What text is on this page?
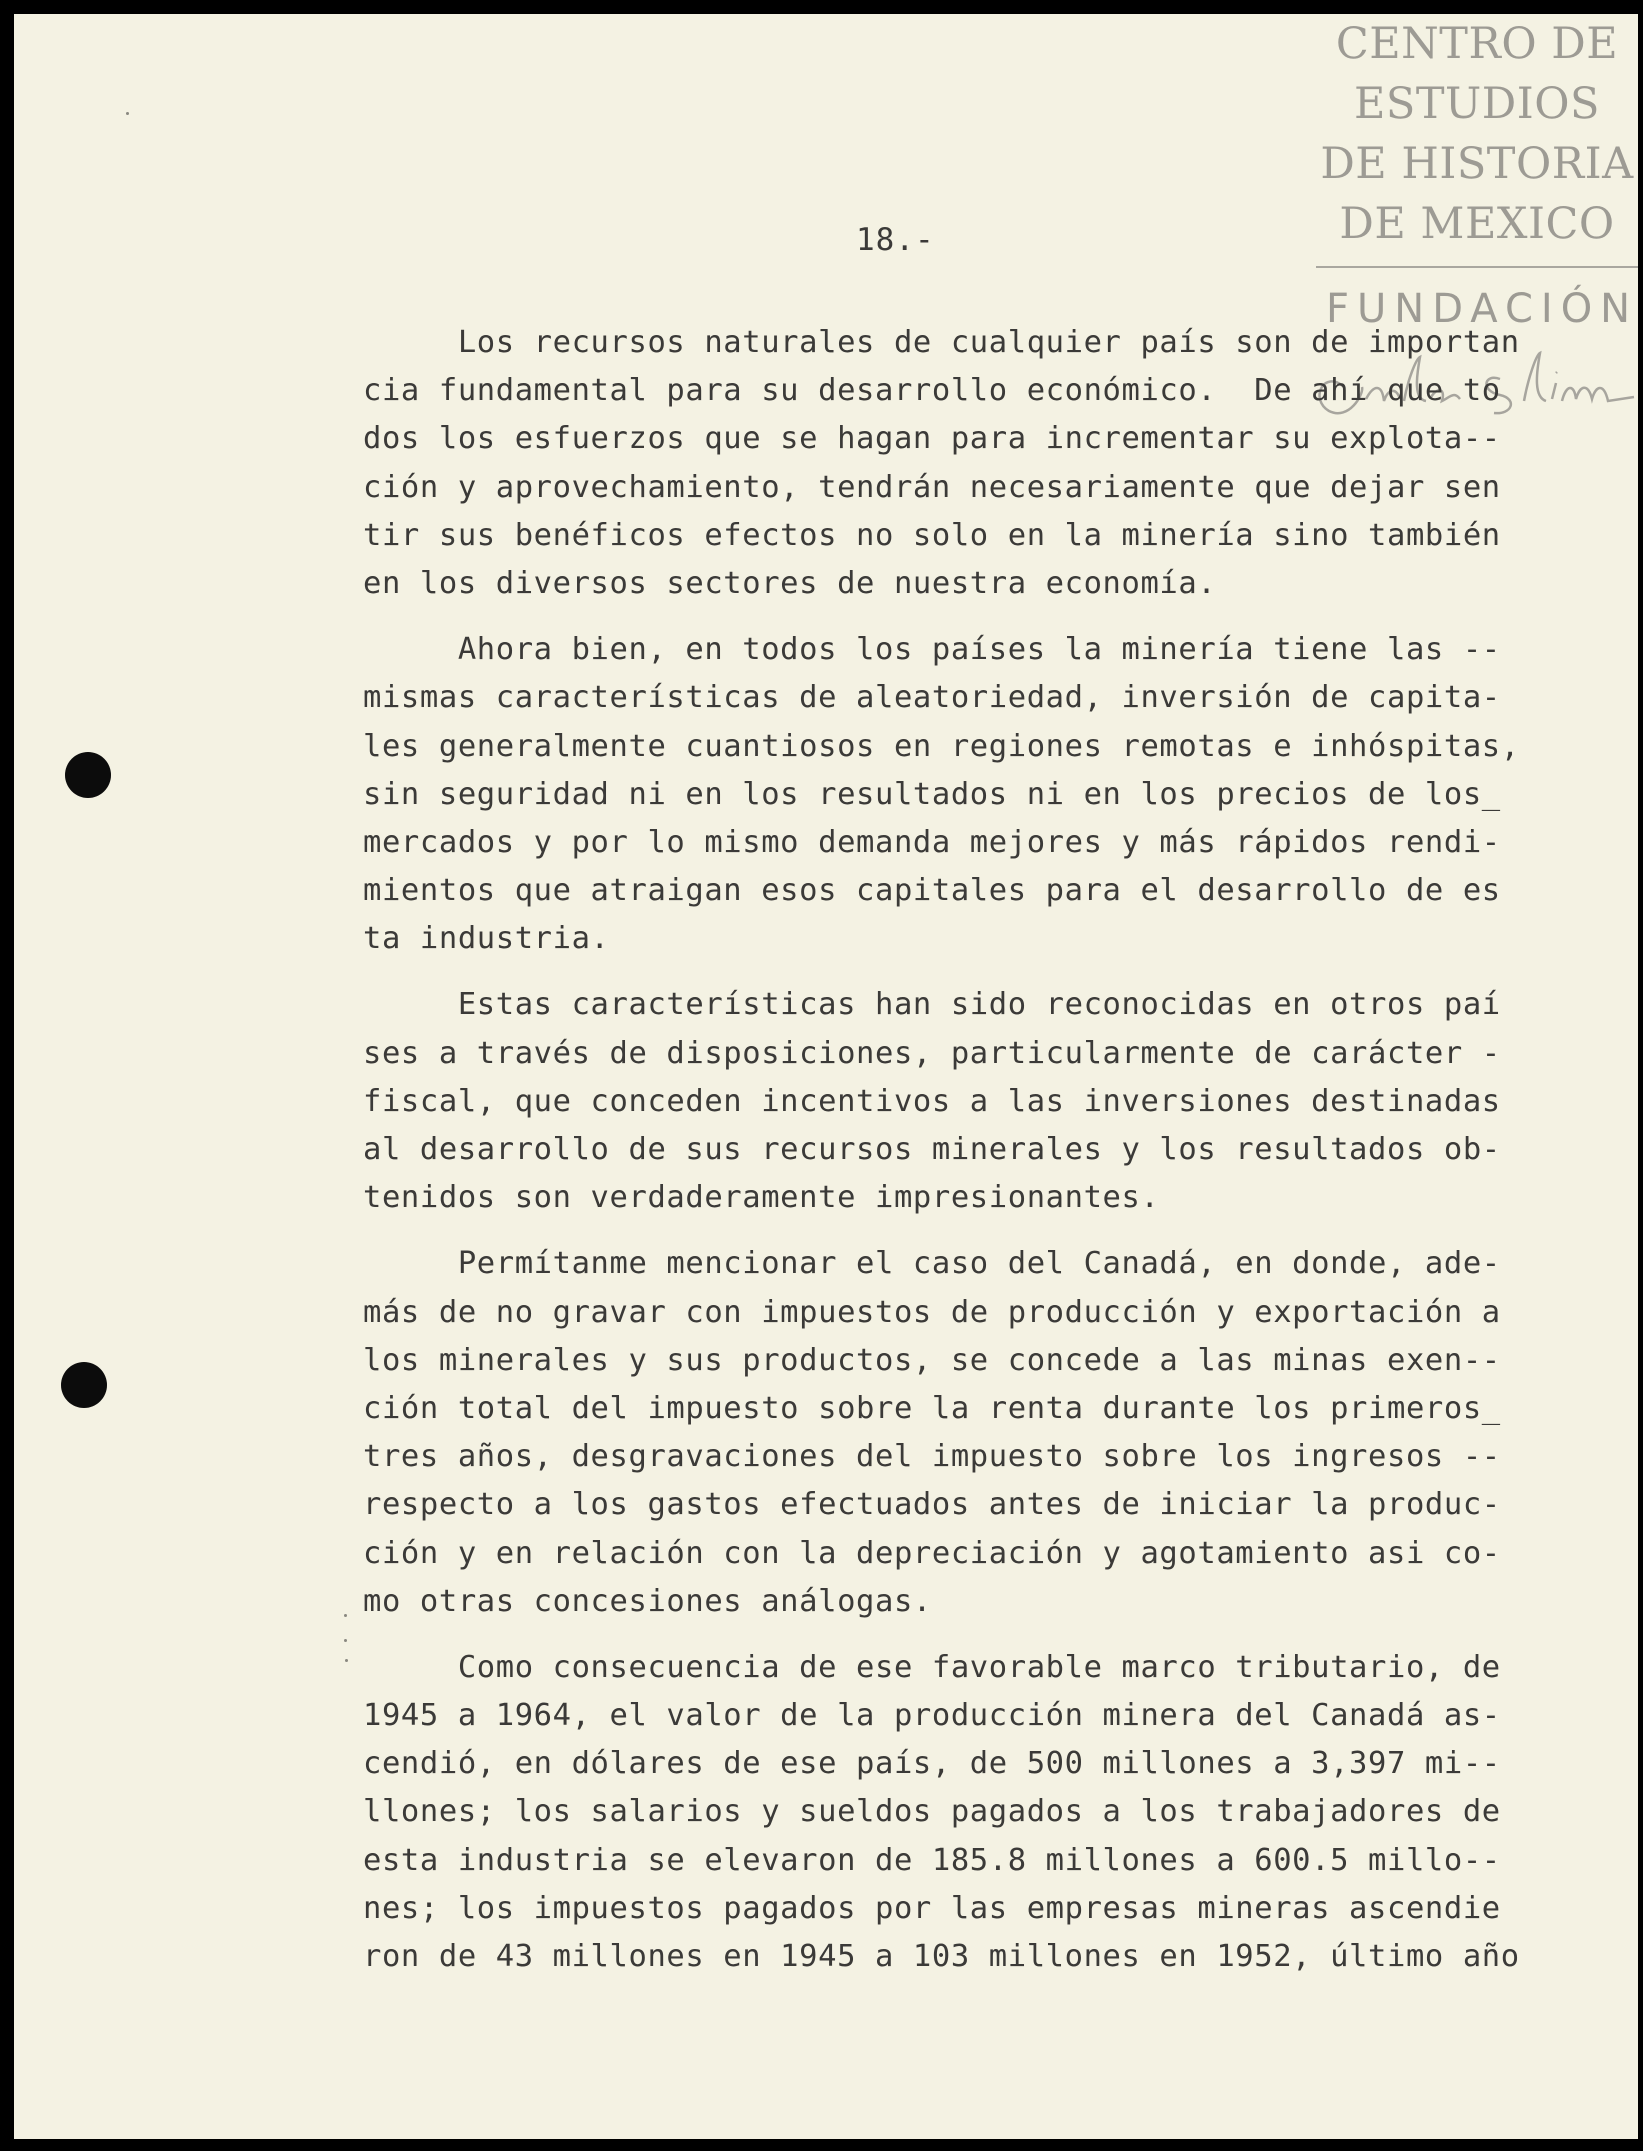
CENTRO DE
ESTUDIOS
DE HISTORIA
DE MEXICO
FUNDACIÓN
18.-
Los recursos naturales de cualquier país son de importan
cia fundamental para su desarrollo económico.  De ahí que to
dos los esfuerzos que se hagan para incrementar su explota--
ción y aprovechamiento, tendrán necesariamente que dejar sen
tir sus benéficos efectos no solo en la minería sino también
en los diversos sectores de nuestra economía.
Ahora bien, en todos los países la minería tiene las --
mismas características de aleatoriedad, inversión de capita-
les generalmente cuantiosos en regiones remotas e inhóspitas,
sin seguridad ni en los resultados ni en los precios de los_
mercados y por lo mismo demanda mejores y más rápidos rendi-
mientos que atraigan esos capitales para el desarrollo de es
ta industria.
Estas características han sido reconocidas en otros paí
ses a través de disposiciones, particularmente de carácter -
fiscal, que conceden incentivos a las inversiones destinadas
al desarrollo de sus recursos minerales y los resultados ob-
tenidos son verdaderamente impresionantes.
Permítanme mencionar el caso del Canadá, en donde, ade-
más de no gravar con impuestos de producción y exportación a
los minerales y sus productos, se concede a las minas exen--
ción total del impuesto sobre la renta durante los primeros_
tres años, desgravaciones del impuesto sobre los ingresos --
respecto a los gastos efectuados antes de iniciar la produc-
ción y en relación con la depreciación y agotamiento asi co-
mo otras concesiones análogas.
Como consecuencia de ese favorable marco tributario, de
1945 a 1964, el valor de la producción minera del Canadá as-
cendió, en dólares de ese país, de 500 millones a 3,397 mi--
llones; los salarios y sueldos pagados a los trabajadores de
esta industria se elevaron de 185.8 millones a 600.5 millo--
nes; los impuestos pagados por las empresas mineras ascendie
ron de 43 millones en 1945 a 103 millones en 1952, último año
